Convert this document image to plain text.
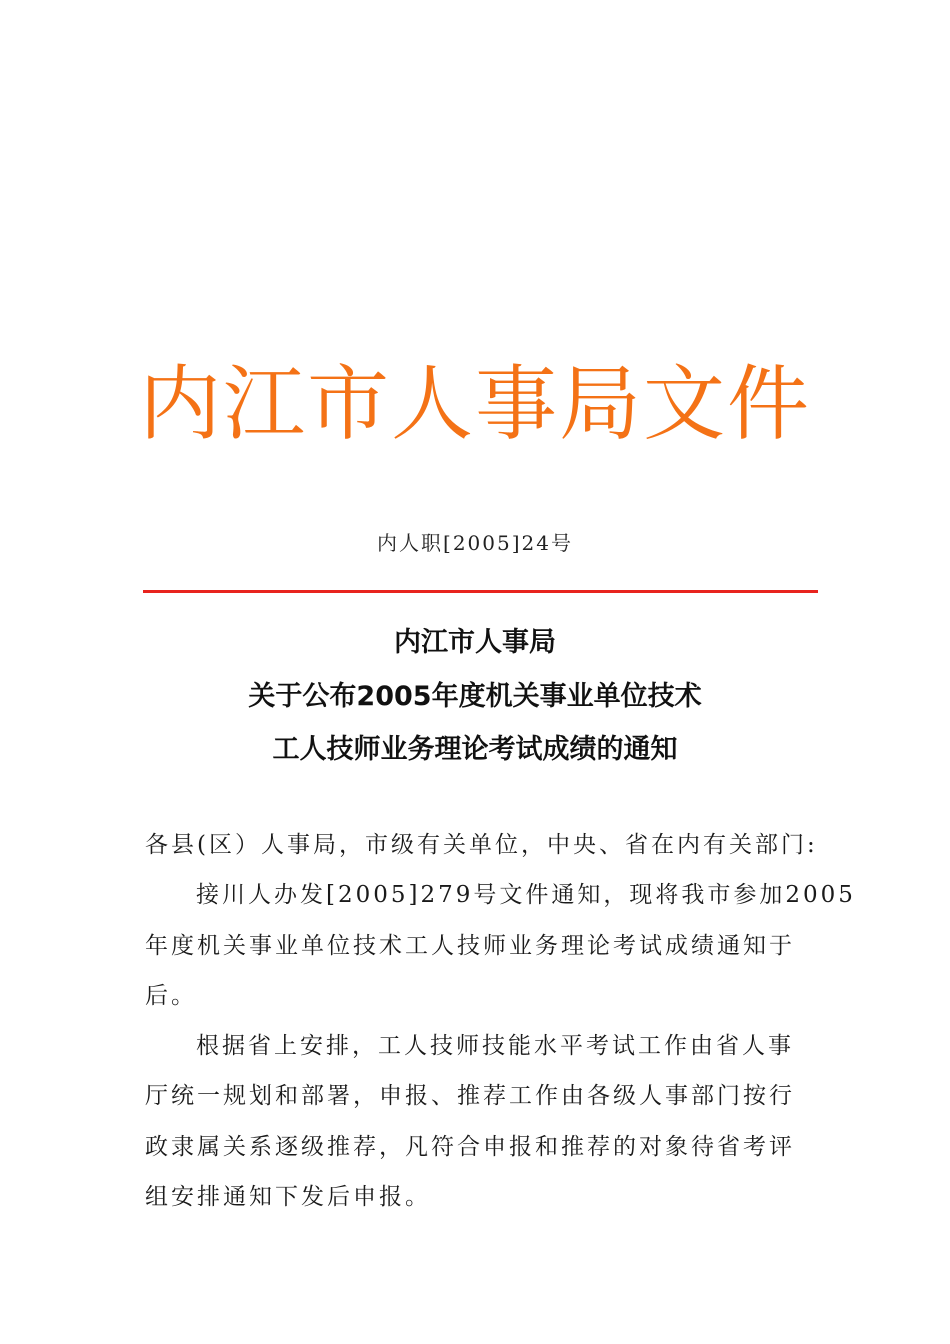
内江市人事局文件
内人职[2005]24号
内江市人事局
关于公布2005年度机关事业单位技术
工人技师业务理论考试成绩的通知
各县(区）人事局，市级有关单位，中央、省在内有关部门:
接川人办发[2005]279号文件通知，现将我市参加2005
年度机关事业单位技术工人技师业务理论考试成绩通知于
后。
根据省上安排，工人技师技能水平考试工作由省人事
厅统一规划和部署，申报、推荐工作由各级人事部门按行
政隶属关系逐级推荐，凡符合申报和推荐的对象待省考评
组安排通知下发后申报。
